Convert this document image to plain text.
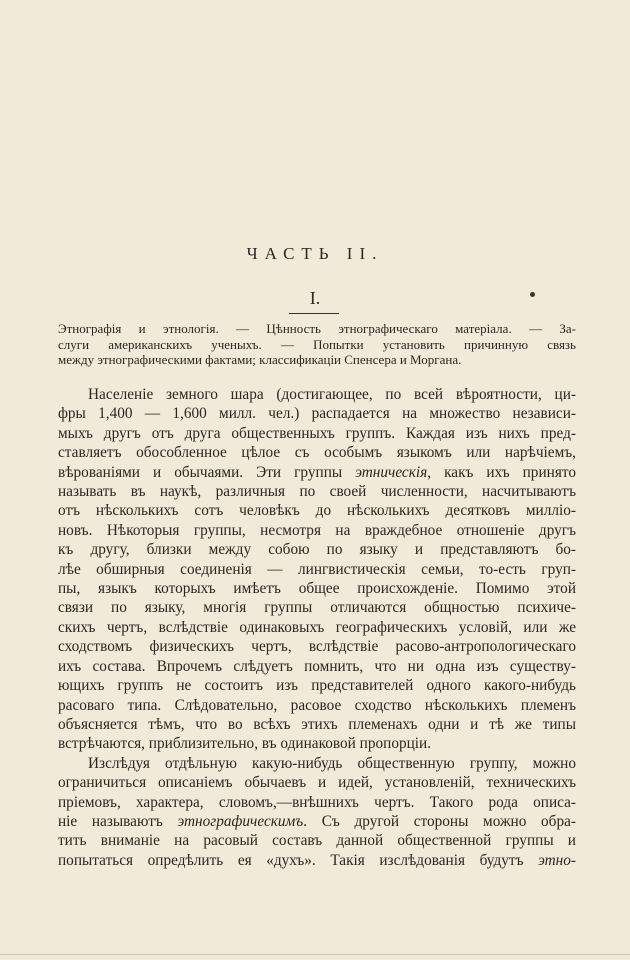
ЧАСТЬ II.
I.
Этнографія и этнологія. — Цѣнность этнографическаго матеріала. — За-
слуги американскихъ ученыхъ. — Попытки установить причинную связь
между этнографическими фактами; классификаціи Спенсера и Моргана.
Населеніе земного шара (достигающее, по всей вѣроятности, ци-
фры 1,400 — 1,600 милл. чел.) распадается на множество независи-
мыхъ другъ отъ друга общественныхъ группъ. Каждая изъ нихъ пред-
ставляетъ обособленное цѣлое съ особымъ языкомъ или нарѣчіемъ,
вѣрованіями и обычаями. Эти группы этническія, какъ ихъ принято
называть въ наукѣ, различныя по своей численности, насчитываютъ
отъ нѣсколькихъ сотъ человѣкъ до нѣсколькихъ десятковъ милліо-
новъ. Нѣкоторыя группы, несмотря на враждебное отношеніе другъ
къ другу, близки между собою по языку и представляютъ бо-
лѣе обширныя соединенія — лингвистическія семьи, то-есть груп-
пы, языкъ которыхъ имѣетъ общее происхожденіе. Помимо этой
связи по языку, многія группы отличаются общностью психиче-
скихъ чертъ, вслѣдствіе одинаковыхъ географическихъ условій, или же
сходствомъ физическихъ чертъ, вслѣдствіе расово-антропологическаго
ихъ состава. Впрочемъ слѣдуетъ помнить, что ни одна изъ существу-
ющихъ группъ не состоитъ изъ представителей одного какого-нибудь
расоваго типа. Слѣдовательно, расовое сходство нѣсколькихъ племенъ
объясняется тѣмъ, что во всѣхъ этихъ племенахъ одни и тѣ же типы
встрѣчаются, приблизительно, въ одинаковой пропорціи.
Изслѣдуя отдѣльную какую-нибудь общественную группу, можно
ограничиться описаніемъ обычаевъ и идей, установленій, техническихъ
пріемовъ, характера, словомъ,—внѣшнихъ чертъ. Такого рода описа-
ніе называютъ этнографическимъ. Съ другой стороны можно обра-
тить вниманіе на расовый составъ данной общественной группы и
попытаться опредѣлить ея «духъ». Такія изслѣдованія будутъ этно-
